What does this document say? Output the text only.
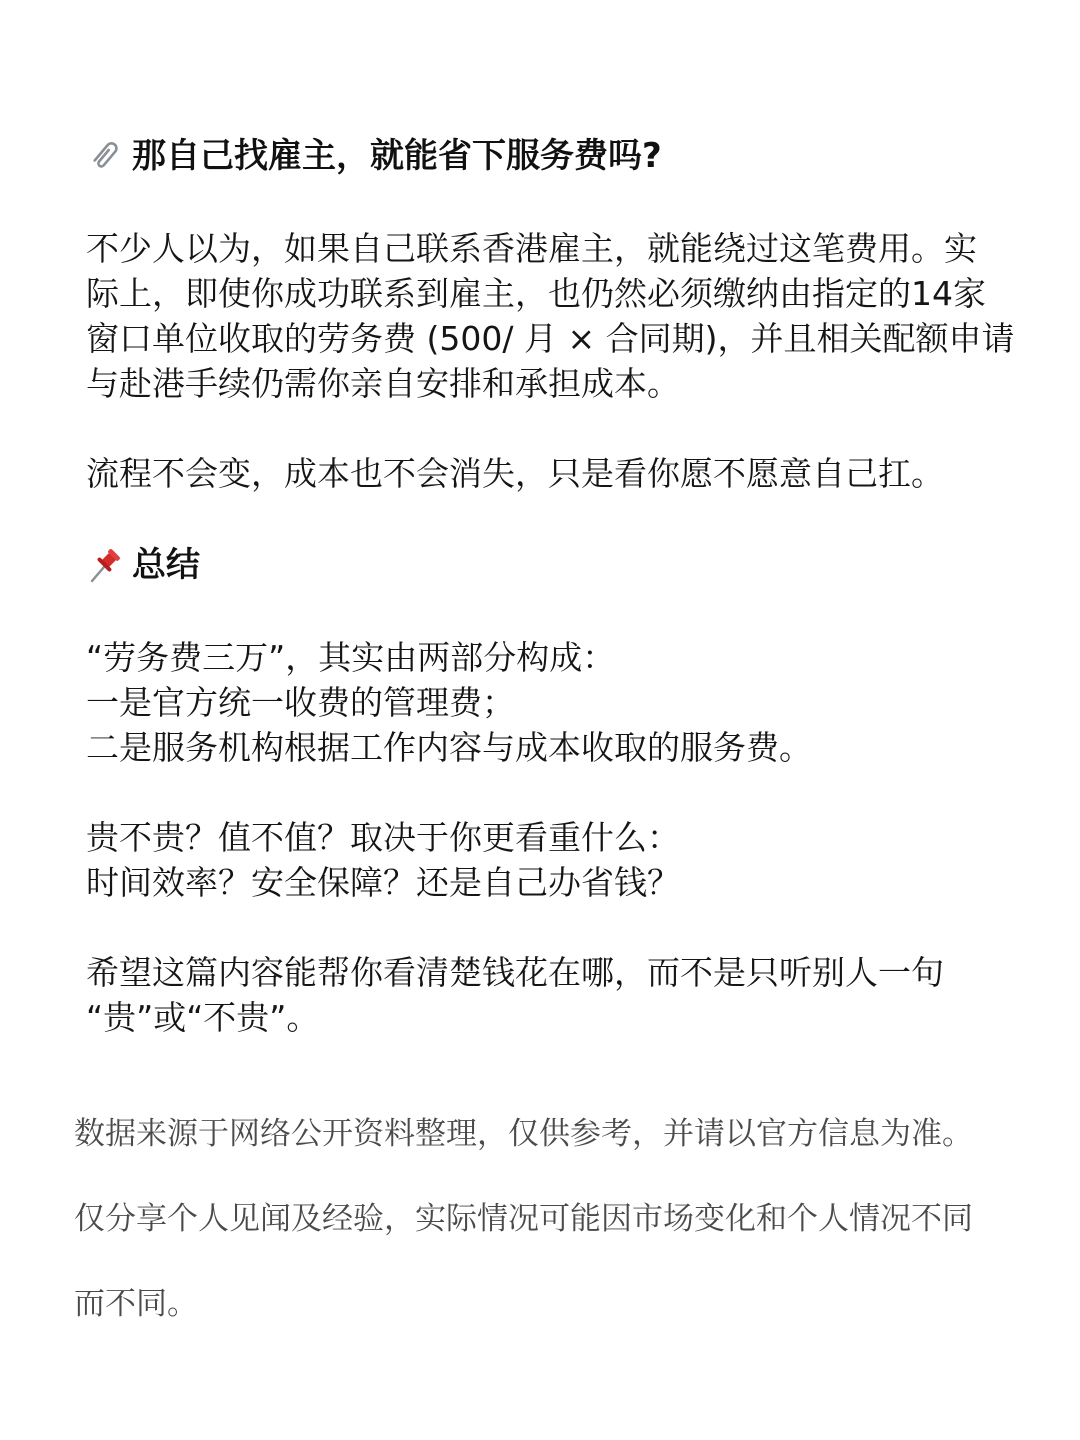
那自己找雇主，就能省下服务费吗?

不少人以为，如果自己联系香港雇主，就能绕过这笔费用。实
际上，即使你成功联系到雇主，也仍然必须缴纳由指定的14家
窗口单位收取的劳务费 (500/ 月 × 合同期)，并且相关配额申请
与赴港手续仍需你亲自安排和承担成本。

流程不会变，成本也不会消失，只是看你愿不愿意自己扛。

总结

“劳务费三万”，其实由两部分构成：
一是官方统一收费的管理费；
二是服务机构根据工作内容与成本收取的服务费。

贵不贵？值不值？取决于你更看重什么：
时间效率？安全保障？还是自己办省钱？

希望这篇内容能帮你看清楚钱花在哪，而不是只听别人一句
“贵”或“不贵”。

数据来源于网络公开资料整理，仅供参考，并请以官方信息为准。

仅分享个人见闻及经验，实际情况可能因市场变化和个人情况不同

而不同。
